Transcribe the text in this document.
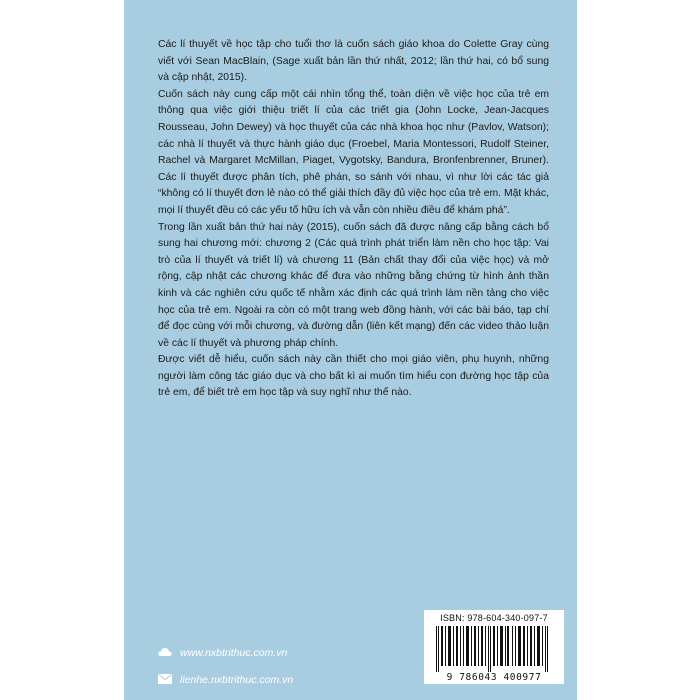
Các lí thuyết về học tập cho tuổi thơ là cuốn sách giáo khoa do Colette Gray cùng viết với Sean MacBlain, (Sage xuất bản lần thứ nhất, 2012; lần thứ hai, có bổ sung và cập nhật, 2015).

Cuốn sách này cung cấp một cái nhìn tổng thể, toàn diện về việc học của trẻ em thông qua việc giới thiệu triết lí của các triết gia (John Locke, Jean-Jacques Rousseau, John Dewey) và học thuyết của các nhà khoa học như (Pavlov, Watson); các nhà lí thuyết và thực hành giáo dục (Froebel, Maria Montessori, Rudolf Steiner, Rachel và Margaret McMillan, Piaget, Vygotsky, Bandura, Bronfenbrenner, Bruner). Các lí thuyết được phân tích, phê phán, so sánh với nhau, vì như lời các tác giả “không có lí thuyết đơn lẻ nào có thể giải thích đầy đủ việc học của trẻ em. Mặt khác, mọi lí thuyết đều có các yếu tố hữu ích và vẫn còn nhiều điều để khám phá”.

Trong lần xuất bản thứ hai này (2015), cuốn sách đã được nâng cấp bằng cách bổ sung hai chương mới: chương 2 (Các quá trình phát triển làm nền cho học tập: Vai trò của lí thuyết và triết lí) và chương 11 (Bản chất thay đổi của việc học) và mở rộng, cập nhật các chương khác để đưa vào những bằng chứng từ hình ảnh thần kinh và các nghiên cứu quốc tế nhằm xác định các quá trình làm nền tảng cho việc học của trẻ em. Ngoài ra còn có một trang web đồng hành, với các bài báo, tạp chí để đọc cùng với mỗi chương, và đường dẫn (liên kết mạng) đến các video thảo luận về các lí thuyết và phương pháp chính.

Được viết dễ hiểu, cuốn sách này cần thiết cho mọi giáo viên, phụ huynh, những người làm công tác giáo dục và cho bất kì ai muốn tìm hiểu con đường học tập của trẻ em, để biết trẻ em học tập và suy nghĩ như thế nào.

ISBN: 978-604-340-097-7
9 786043 400977
www.nxbtrithuc.com.vn
lienhe.nxbtrithuc.com.vn
